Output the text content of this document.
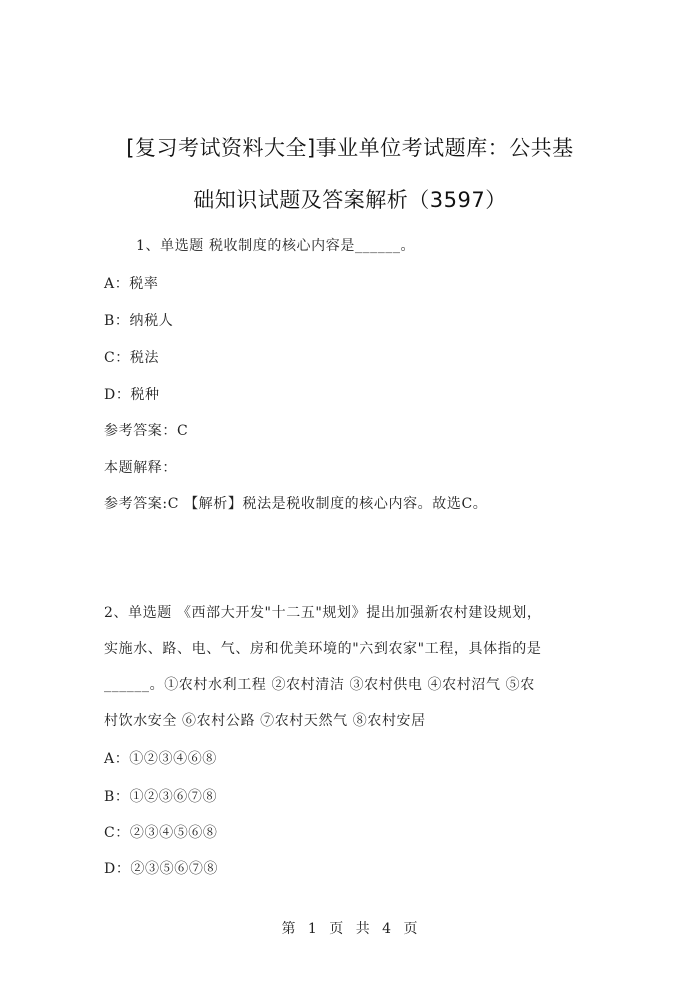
[复习考试资料大全]事业单位考试题库：公共基
础知识试题及答案解析（3597）
1、单选题 税收制度的核心内容是______。
A：税率
B：纳税人
C：税法
D：税种
参考答案：C
本题解释：
参考答案:C 【解析】税法是税收制度的核心内容。故选C。
2、单选题 《西部大开发"十二五"规划》提出加强新农村建设规划，
实施水、路、电、气、房和优美环境的"六到农家"工程，具体指的是
______。①农村水利工程 ②农村清洁 ③农村供电 ④农村沼气 ⑤农
村饮水安全 ⑥农村公路 ⑦农村天然气 ⑧农村安居
A：①②③④⑥⑧
B：①②③⑥⑦⑧
C：②③④⑤⑥⑧
D：②③⑤⑥⑦⑧
第 1 页 共 4 页
